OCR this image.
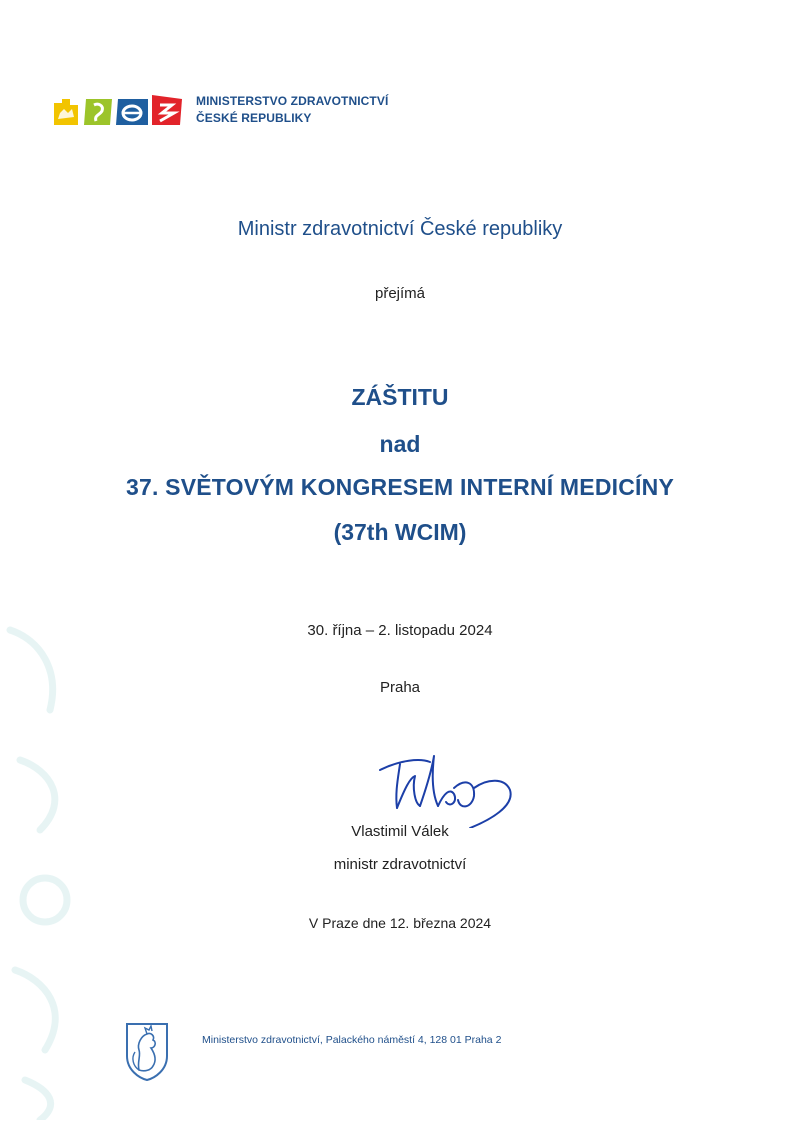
MINISTERSTVO ZDRAVOTNICTVÍ
ČESKÉ REPUBLIKY
Ministr zdravotnictví České republiky
přejímá
ZÁŠTITU
nad
37. SVĚTOVÝM KONGRESEM INTERNÍ MEDICÍNY
(37th WCIM)
30. října – 2. listopadu 2024
Praha
Vlastimil Válek
ministr zdravotnictví
V Praze dne 12. března 2024
Ministerstvo zdravotnictví, Palackého náměstí 4, 128 01 Praha 2
